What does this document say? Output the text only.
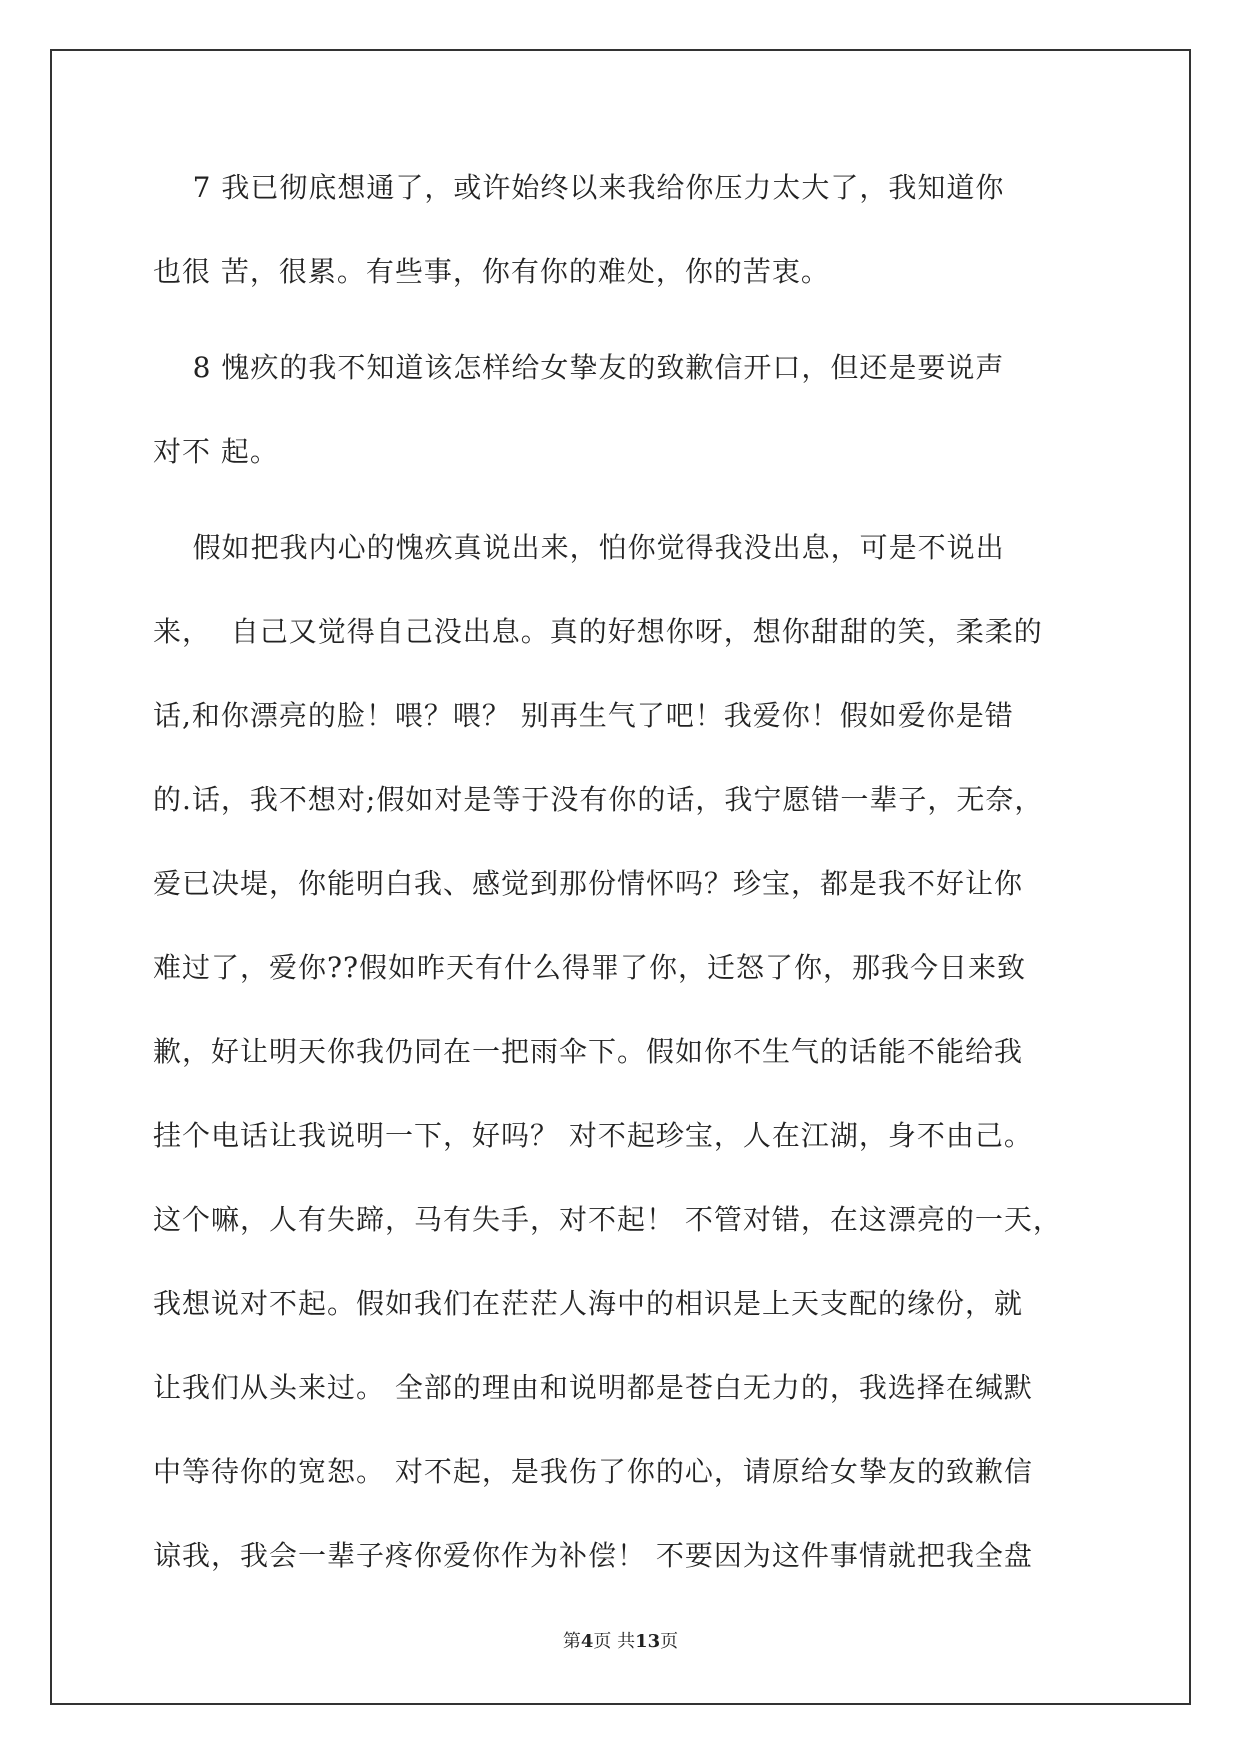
7 我已彻底想通了，或许始终以来我给你压力太大了，我知道你
也很 苦，很累。有些事，你有你的难处，你的苦衷。
8 愧疚的我不知道该怎样给女挚友的致歉信开口，但还是要说声
对不 起。
假如把我内心的愧疚真说出来，怕你觉得我没出息，可是不说出
来，  自己又觉得自己没出息。真的好想你呀，想你甜甜的笑，柔柔的
话,和你漂亮的脸！喂？喂？ 别再生气了吧！我爱你！假如爱你是错
的.话，我不想对;假如对是等于没有你的话，我宁愿错一辈子，无奈，
爱已决堤，你能明白我、感觉到那份情怀吗？珍宝，都是我不好让你
难过了，爱你??假如昨天有什么得罪了你，迁怒了你，那我今日来致
歉，好让明天你我仍同在一把雨伞下。假如你不生气的话能不能给我
挂个电话让我说明一下，好吗？ 对不起珍宝，人在江湖，身不由己。
这个嘛，人有失蹄，马有失手，对不起！ 不管对错，在这漂亮的一天，
我想说对不起。假如我们在茫茫人海中的相识是上天支配的缘份，就
让我们从头来过。 全部的理由和说明都是苍白无力的，我选择在缄默
中等待你的宽恕。 对不起，是我伤了你的心，请原给女挚友的致歉信
谅我，我会一辈子疼你爱你作为补偿！ 不要因为这件事情就把我全盘
第4页 共13页
